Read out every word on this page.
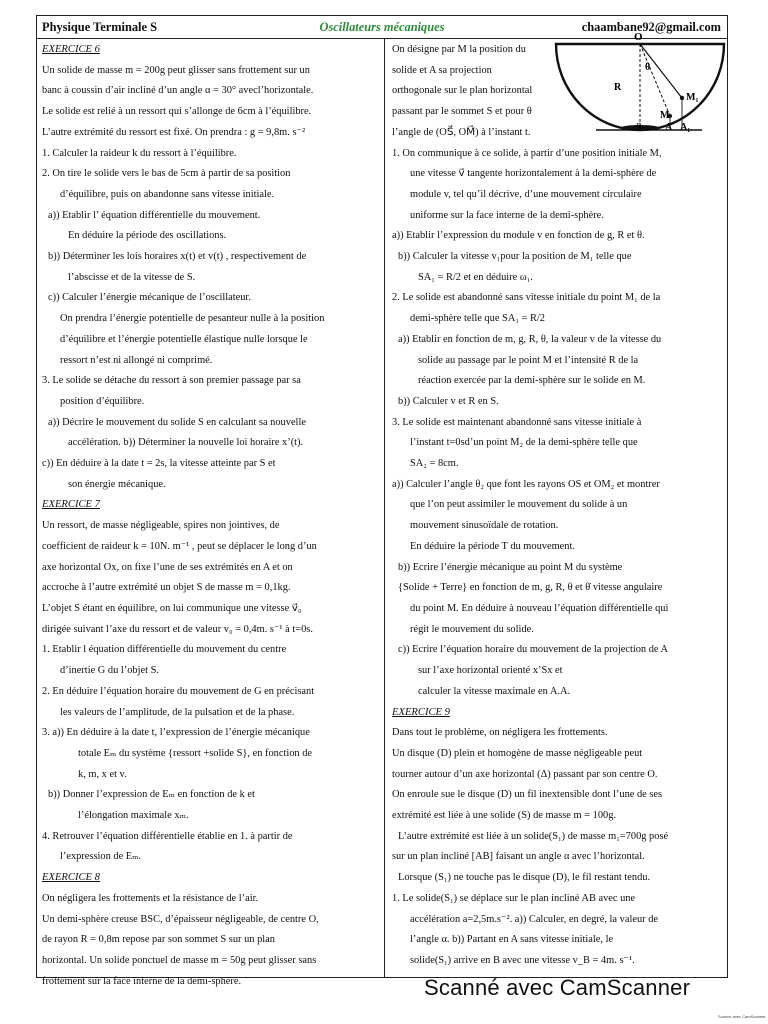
Physique Terminale S	Oscillateurs mécaniques	chaambane92@gmail.com

EXERCICE 6

Un solide de masse m = 200g peut glisser sans frottement sur un

banc à coussin d’air incliné d’un angle α = 30° avecl’horizontale.

Le solide est relié à un ressort qui s’allonge de 6cm à l’équilibre.

L’autre extrémité du ressort est fixé. On prendra : g = 9,8m. s⁻²

1. Calculer la raideur k du ressort à l’équilibre.

2. On tire le solide vers le bas de 5cm à partir de sa position

d’équilibre, puis on abandonne sans vitesse initiale.

a)) Etablir l’ équation différentielle du mouvement.

En déduire la période des oscillations.

b)) Déterminer les lois horaires x(t) et v(t) , respectivement de

l’abscisse et de la vitesse de S.

c)) Calculer l’énergie mécanique de l’oscillateur.

On prendra l’énergie potentielle de pesanteur nulle à la position

d’équilibre et l’énergie potentielle élastique nulle lorsque le

ressort n’est ni allongé ni comprimé.

3. Le solide se détache du ressort à son premier passage par sa

position d’équilibre.

a)) Décrire le mouvement du solide S en calculant sa nouvelle

accélération. b)) Déterminer la nouvelle loi horaire x’(t).

c)) En déduire à la date t = 2s, la vitesse atteinte par S et

son énergie mécanique.

EXERCICE 7

Un ressort, de masse négligeable, spires non jointives, de

coefficient de raideur k = 10N. m⁻¹ , peut se déplacer le long d’un

axe horizontal Ox, on fixe l’une de ses extrémités en A et on

accroche à l’autre extrémité un objet S de masse m = 0,1kg.

L’objet S étant en équilibre, on lui communique une vitesse v⃗₀

dirigée suivant l’axe du ressort et de valeur v₀ = 0,4m. s⁻¹ à t=0s.

1. Etablir l équation différentielle du mouvement du centre

d’inertie G du l’objet S.

2. En déduire l’équation horaire du mouvement de G en précisant

les valeurs de l’amplitude, de la pulsation et de la phase.

3. a)) En déduire à la date t, l’expression de l’énergie mécanique

totale Eₘ du système {ressort +solide S}, en fonction de

k, m, x et v.

b)) Donner l’expression de Eₘ en fonction de k et

l’élongation maximale xₘ.

4. Retrouver l’équation différentielle établie en 1. à partir de

l’expression de Eₘ.

EXERCICE 8

On négligera les frottements et la résistance de l’air.

Un demi-sphère creuse BSC, d’épaisseur négligeable, de centre O,

de rayon R = 0,8m repose par son sommet S sur un plan

horizontal. Un solide ponctuel de masse m = 50g peut glisser sans

frottement sur la face interne de la demi-sphère.

On désigne par M la position du

solide et A sa projection

orthogonale sur le plan horizontal

passant par le sommet S et pour θ

l’angle de (OS⃗, OM⃗) à l’instant t.

1. On communique à ce solide, à partir d’une position initiale M,

une vitesse v⃗ tangente horizontalement à la demi-sphère de

module v, tel qu’il décrive, d’une mouvement circulaire

uniforme sur la face interne de la demi-sphère.

a)) Etablir l’expression du module v en fonction de g, R et θ.

b)) Calculer la vitesse v₁pour la position de M₁ telle que

SA₁ = R/2 et en déduire ω₁.

2. Le solide est abandonné sans vitesse initiale du point M₁ de la

demi-sphère telle que SA₁ = R/2

a)) Etablir en fonction de m, g, R, θ, la valeur v de la vitesse du

solide au passage par le point M et l’intensité R de la

réaction exercée par la demi-sphère sur le solide en M.

b)) Calculer v et R en S.

3. Le solide est maintenant abandonné sans vitesse initiale à

l’instant t=0sd’un point M₂ de la demi-sphère telle que

SA₂ = 8cm.

a)) Calculer l’angle θ₂ que font les rayons OS et OM₂ et montrer

que l’on peut assimiler le mouvement du solide à un

mouvement sinusoïdale de rotation.

En déduire la période T du mouvement.

b)) Ecrire l’énergie mécanique au point M du système

{Solide + Terre} en fonction de m, g, R, θ et θ̇ vitesse angulaire

du point M. En déduire à nouveau l’équation différentielle qui

régit le mouvement du solide.

c)) Ecrire l’équation horaire du mouvement de la projection de A

sur l’axe horizontal orienté x’Sx et

calculer la vitesse maximale en A.A.

EXERCICE 9

Dans tout le problème, on négligera les frottements.

Un disque (D) plein et homogène de masse négligeable peut

tourner autour d’un axe horizontal (Δ) passant par son centre O.

On enroule sue le disque (D) un fil inextensible dont l’une de ses

extrémité est liée à une solide (S) de masse m = 100g.

L’autre extrémité est liée à un solide(S₁) de masse m₁=700g posé

sur un plan incliné [AB] faisant un angle α avec l’horizontal.

Lorsque (S₁) ne touche pas le disque (D), le fil restant tendu.

1. Le solide(S₁) se déplace sur le plan incliné AB avec une

accélération a=2,5m.s⁻². a)) Calculer, en degré, la valeur de

l’angle α. b)) Partant en A sans vitesse initiale, le

solide(S₁) arrive en B avec une vitesse v_B = 4m. s⁻¹.

O
R
θ
M₁
M
S A A₁
Scanné avec CamScanner
Scanné avec CamScanner
